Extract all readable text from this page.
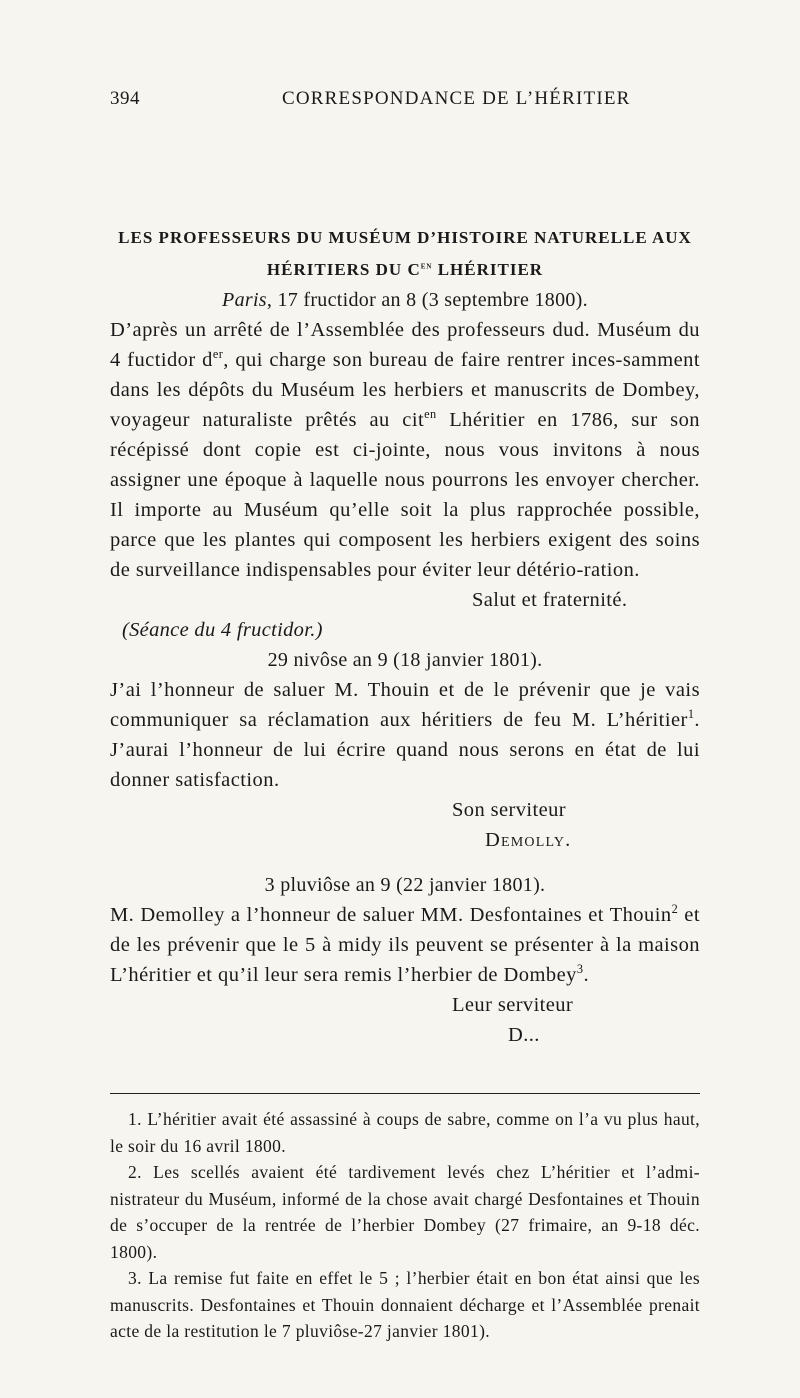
394	CORRESPONDANCE DE L’HÉRITIER
LES PROFESSEURS DU MUSÉUM D’HISTOIRE NATURELLE AUX
HÉRITIERS DU $C^{en}$ LHÉRITIER
Paris, 17 fructidor an 8 (3 septembre 1800).

D’après un arrêté de l’Assemblée des professeurs dud. Muséum du 4 fuctidor $d^{er}$, qui charge son bureau de faire rentrer inces-samment dans les dépôts du Muséum les herbiers et manuscrits de Dombey, voyageur naturaliste prêtés au cit$^{en}$ Lhéritier en 1786, sur son récépissé dont copie est ci-jointe, nous vous invitons à nous assigner une époque à laquelle nous pourrons les envoyer chercher. Il importe au Muséum qu’elle soit la plus rapprochée possible, parce que les plantes qui composent les herbiers exigent des soins de surveillance indispensables pour éviter leur détério-ration.

Salut et fraternité.
(Séance du 4 fructidor.)
29 nivôse an 9 (18 janvier 1801).

J’ai l’honneur de saluer M. Thouin et de le prévenir que je vais communiquer sa réclamation aux héritiers de feu M. L’héritier$^1$. J’aurai l’honneur de lui écrire quand nous serons en état de lui donner satisfaction.

Son serviteur
Demolly.
3 pluviôse an 9 (22 janvier 1801).

M. Demolley a l’honneur de saluer MM. Desfontaines et Thouin$^2$ et de les prévenir que le 5 à midy ils peuvent se présenter à la maison L’héritier et qu’il leur sera remis l’herbier de Dombey$^3$.

Leur serviteur
D...

1. L’héritier avait été assassiné à coups de sabre, comme on l’a vu plus haut, le soir du 16 avril 1800.

2. Les scellés avaient été tardivement levés chez L’héritier et l’admi-nistrateur du Muséum, informé de la chose avait chargé Desfontaines et Thouin de s’occuper de la rentrée de l’herbier Dombey (27 frimaire, an 9-18 déc. 1800).

3. La remise fut faite en effet le 5 ; l’herbier était en bon état ainsi que les manuscrits. Desfontaines et Thouin donnaient décharge et l’Assemblée prenait acte de la restitution le 7 pluviôse-27 janvier 1801).
